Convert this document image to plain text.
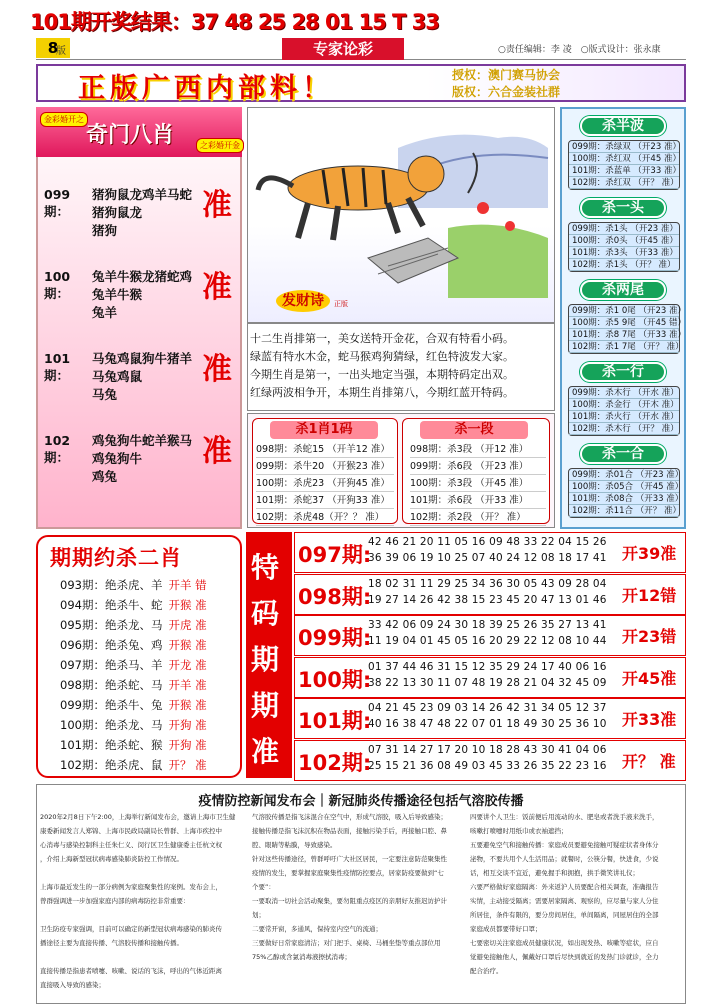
101期开奖结果：37 48 25 28 01 15 T 33
8
版	专家论彩	○责任编辑：李 凌　○版式设计：张永康
正版广西内部料！	授权：澳门赛马协会
版权：六合金装社群
奇门八肖
金彩婚开之
之彩婚开金
099期：
猪狗鼠龙鸡羊马蛇
猪狗鼠龙
猪狗
准
100期：
兔羊牛猴龙猪蛇鸡
兔羊牛猴
兔羊
准
101期：
马兔鸡鼠狗牛猪羊
马兔鸡鼠
马兔
准
102期：
鸡兔狗牛蛇羊猴马
鸡兔狗牛
鸡兔
准
发财诗	正版
十二生肖排第一，美女送特开金花，合双有特看小码。
绿蓝有特水木金，蛇马猴鸡狗猜绿，红色特波发大家。
今期生肖是第一，一出头地定当强，本期特码定出双。
红绿两波相争开，本期生肖排第八，今期红蓝开特码。
杀1肖1码	杀一段
098期：杀蛇15 （开羊12 准）
099期：杀牛20 （开猴23 准）
100期：杀虎23 （开狗45 准）
101期：杀蛇37 （开狗33 准）
102期：杀虎48（开？？ 准）
098期：杀3段 （开12 准）
099期：杀6段 （开23 准）
100期：杀3段 （开45 准）
101期：杀6段 （开33 准）
102期：杀2段 （开？ 准）
杀半波
099期：杀绿双 （开23 准）
100期：杀红双 （开45 准）
101期：杀蓝单 （开33 准）
102期：杀红双 （开？ 准）
杀一头
099期：杀1头 （开23 准）
100期：杀0头 （开45 准）
101期：杀3头 （开33 准）
102期：杀1头 （开？ 准）
杀两尾
099期：杀1 0尾 （开23 准）
100期：杀5 9尾 （开45 错）
101期：杀8 7尾 （开33 准）
102期：杀1 7尾 （开？ 准）
杀一行
099期：杀木行 （开水 准）
100期：杀金行 （开木 准）
101期：杀火行 （开水 准）
102期：杀木行 （开？ 准）
杀一合
099期：杀01合 （开23 准）
100期：杀05合 （开45 准）
101期：杀08合 （开33 准）
102期：杀11合 （开？ 准）
期期约杀二肖
093期：绝杀虎、羊 开羊 错
094期：绝杀牛、蛇 开猴 准
095期：绝杀龙、马 开虎 准
096期：绝杀兔、鸡 开猴 准
097期：绝杀马、羊 开龙 准
098期：绝杀蛇、马 开羊 准
099期：绝杀牛、兔 开猴 准
100期：绝杀龙、马 开狗 准
101期：绝杀蛇、猴 开狗 准
102期：绝杀虎、鼠 开？ 准
特
码
期
期
准
097期:
42 46 21 20 11 05 16 09 48 33 22 04 15 26
36 39 06 19 10 25 07 40 24 12 08 18 17 41 开39准
098期:
18 02 31 11 29 25 34 36 30 05 43 09 28 04
19 27 14 26 42 38 15 23 45 20 47 13 01 46 开12错
099期:
33 42 06 09 24 30 18 39 25 26 35 27 13 41
11 19 04 01 45 05 16 20 29 22 12 08 10 44 开23错
100期:
01 37 44 46 31 15 12 35 29 24 17 40 06 16
38 22 13 30 11 07 48 19 28 21 04 32 45 09 开45准
101期:
04 21 45 23 09 03 14 26 42 31 34 05 12 37
40 16 38 47 48 22 07 01 18 49 30 25 36 10 开33准
102期:
07 31 14 27 17 20 10 18 28 43 30 41 04 06
25 15 21 36 08 49 03 45 33 26 35 22 23 16 开？ 准
疫情防控新闻发布会｜新冠肺炎传播途径包括气溶胶传播
2020年2月8日下午2:00，上海举行新闻发布会，邀请上海市卫生健
康委新闻发言人郑锦、上海市民政局副局长曾群、上海市疾控中
心消毒与感染控制科主任朱仁义、闵行区卫生健康委主任杭文权
，介绍上海新型冠状病毒感染肺炎防控工作情况。
上海市最近发生的一部分病例为家庭聚集性的案例。发布会上，
曾群强调进一步加强家庭内部的病毒防控非常重要：
卫生防疫专家强调，目前可以确定的新型冠状病毒感染的肺炎传
播途径主要为直接传播、气溶胶传播和接触传播。
直接传播是指患者喷嚏、咳嗽、说话的飞沫，呼出的气体近距离
直接吸入导致的感染；
气溶胶传播是指飞沫混合在空气中，形成气溶胶，吸入后导致感染；
接触传播是指飞沫沉积在物品表面，接触污染手后，再接触口腔、鼻
腔、眼睛等粘膜，导致感染。
针对这些传播途径，曾群呼吁广大社区居民，一定要注意防范聚集性
疫情的发生，要掌握家庭聚集性疫情防控要点，居家防疫要做到“七
个要”：
一要取消一切社会活动聚集，要勿阻重点疫区的亲朋好友推迟访护计
划；
二要常开窗，多通风，保持室内空气的流通；
三要做好日常家庭清洁；对门把手、桌椅、马桶坐垫等重点部位用
75%乙醇或含氯消毒液擦拭消毒；
四要讲个人卫生：饭前便后用流动的水、肥皂或者洗手液来洗手，
咳嗽打喷嚏时用纸巾或衣袖遮挡；
五要避免空气和接触传播：家庭成员要避免接触可疑症状者身体分
泌物，不要共用个人生活用品；就餐时，公筷分餐，快进食，少说
话，相互交谈不宜近，避免握手和拥抱，拱手微笑讲礼仪；
六要严格做好家庭隔离：外来返沪人员要配合相关调查，准确报告
实情，主动接受隔离；需要居家隔离、观察的，应尽量与家人分住
所居住，条件有限的，要分房间居住，单间隔离，同屋居住的全部
家庭成员都要带好口罩；
七要密切关注家庭成员健康状况，如出现发热、咳嗽等症状，应自
觉避免接触他人，佩戴好口罩后尽快到就近的发热门诊就诊，全力
配合治疗。
